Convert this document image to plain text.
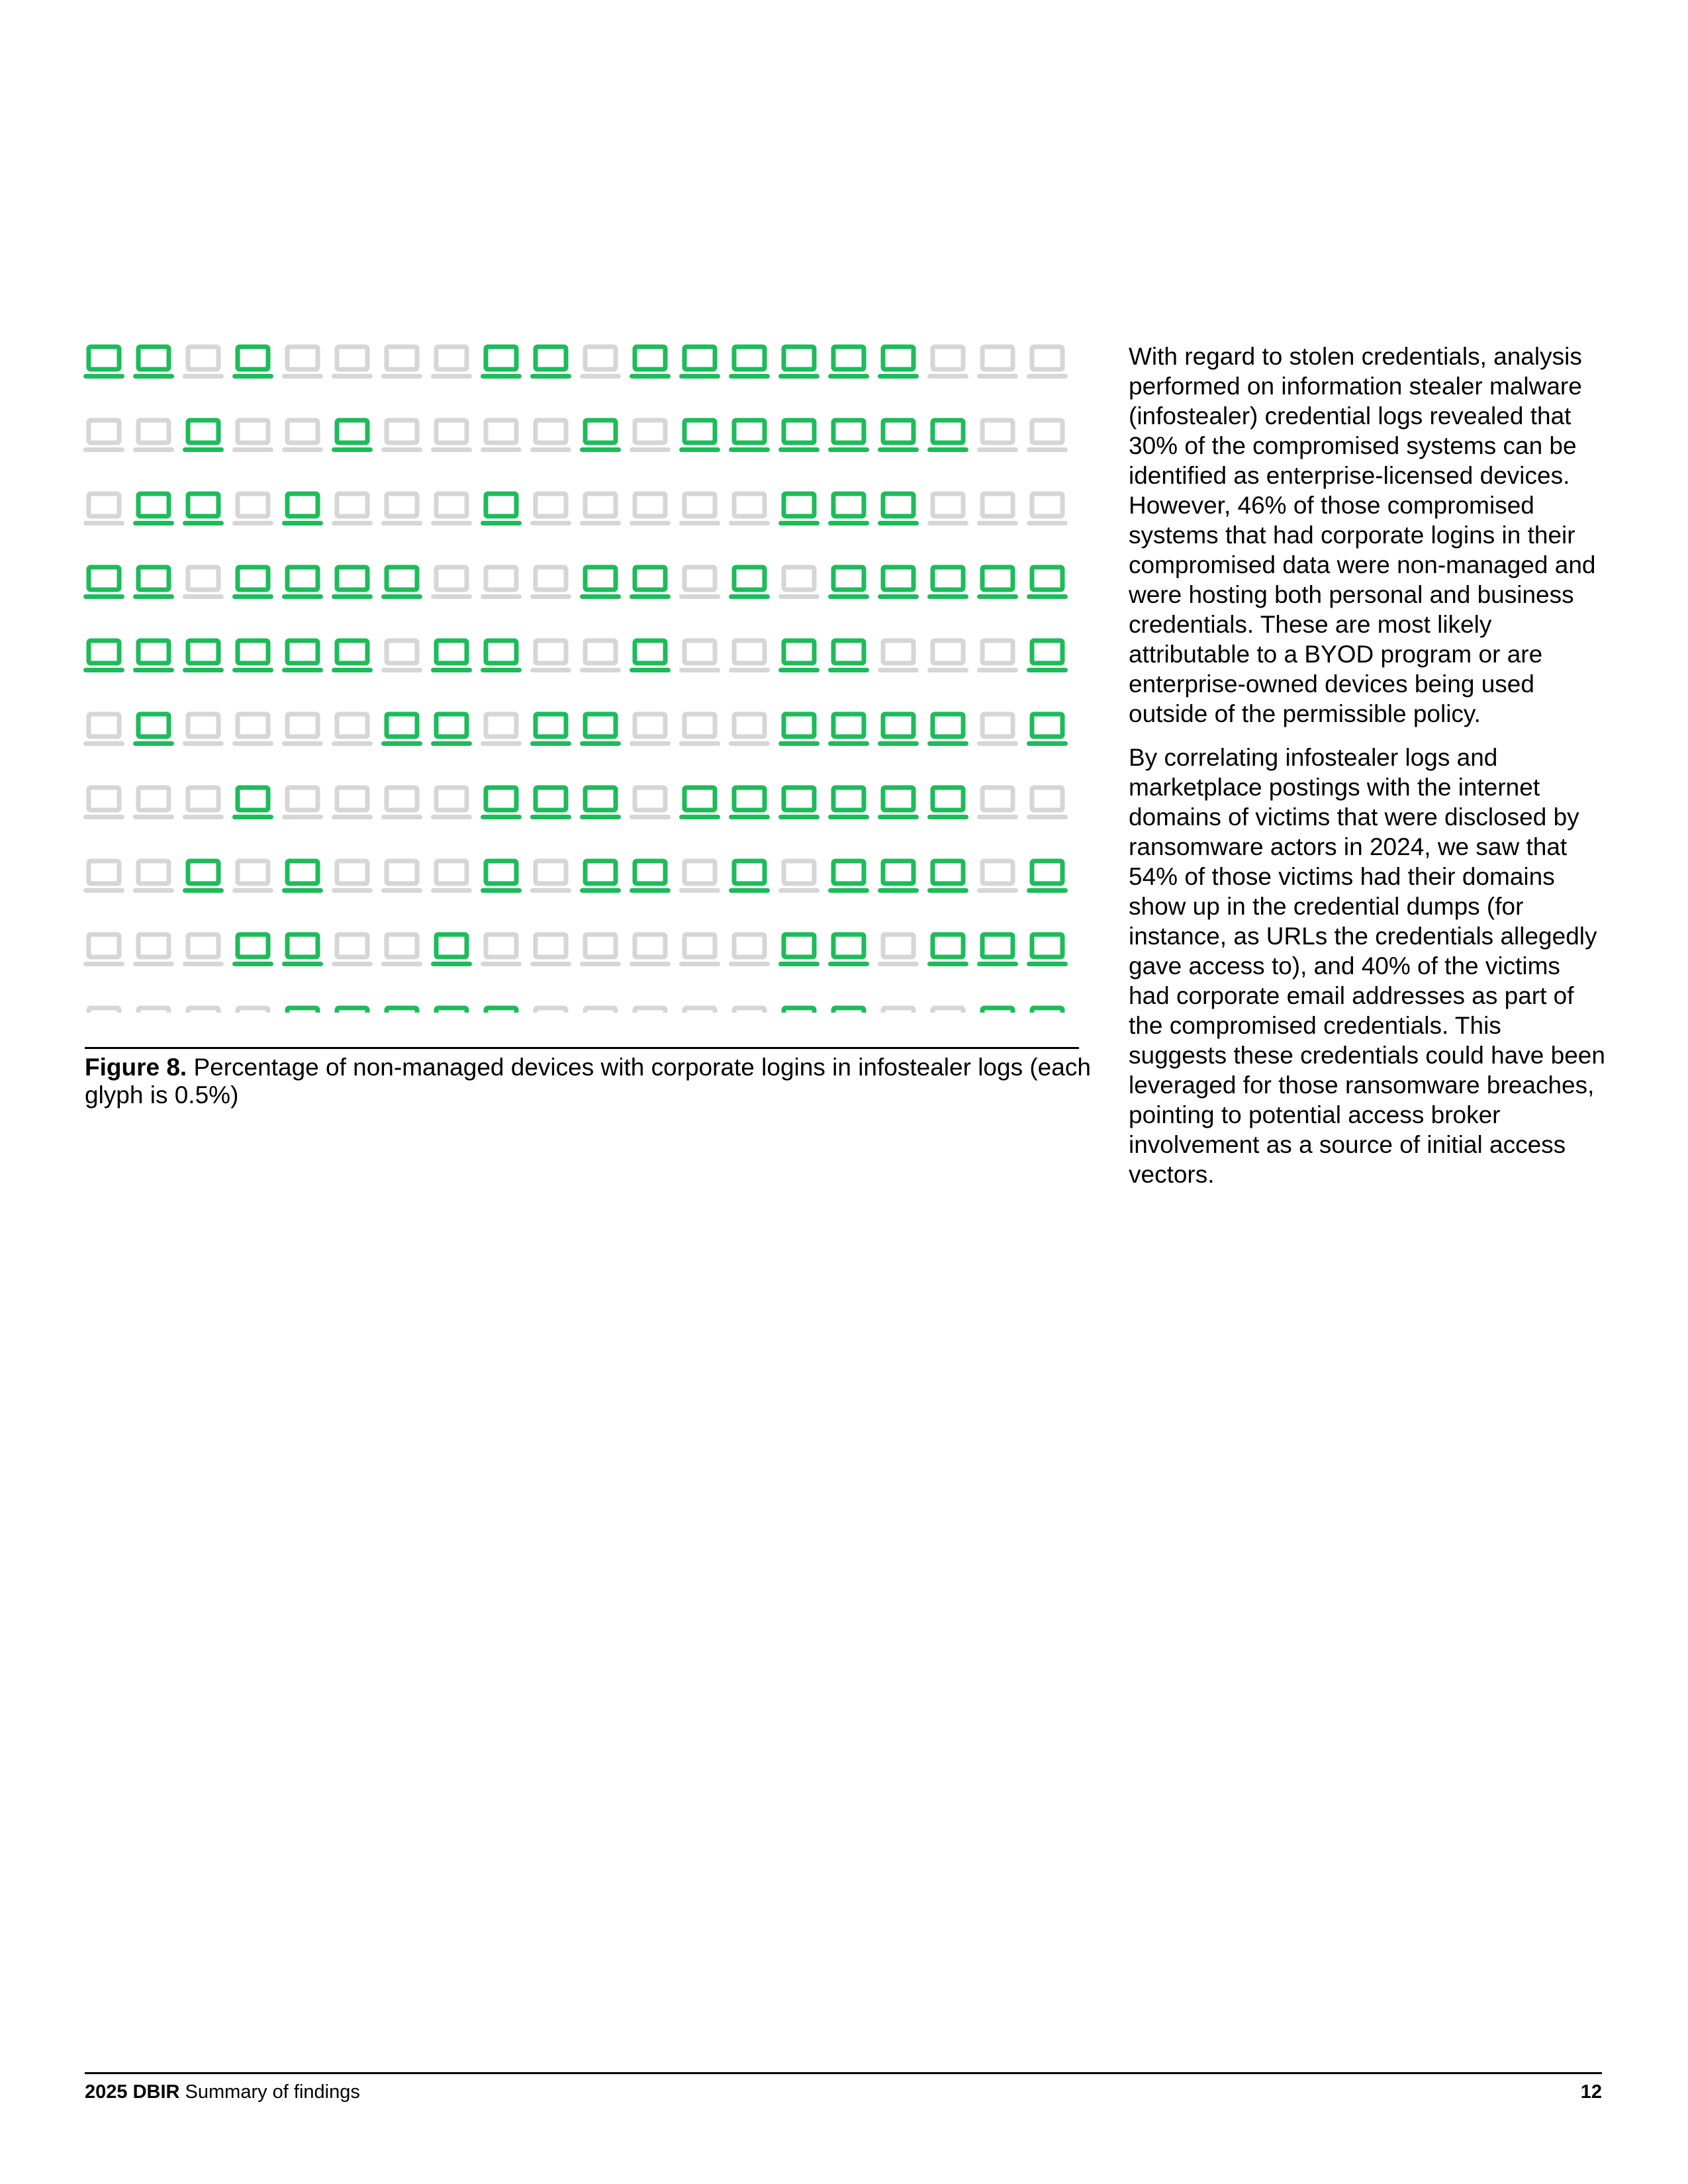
Figure 8. Percentage of non-managed devices with corporate logins in infostealer logs (each glyph is 0.5%)

With regard to stolen credentials, analysis performed on information stealer malware (infostealer) credential logs revealed that 30% of the compromised systems can be identified as enterprise-licensed devices. However, 46% of those compromised systems that had corporate logins in their compromised data were non-managed and were hosting both personal and business credentials. These are most likely attributable to a BYOD program or are enterprise-owned devices being used outside of the permissible policy.

By correlating infostealer logs and marketplace postings with the internet domains of victims that were disclosed by ransomware actors in 2024, we saw that 54% of those victims had their domains show up in the credential dumps (for instance, as URLs the credentials allegedly gave access to), and 40% of the victims had corporate email addresses as part of the compromised credentials. This suggests these credentials could have been leveraged for those ransomware breaches, pointing to potential access broker involvement as a source of initial access vectors.

2025 DBIR Summary of findings	12
